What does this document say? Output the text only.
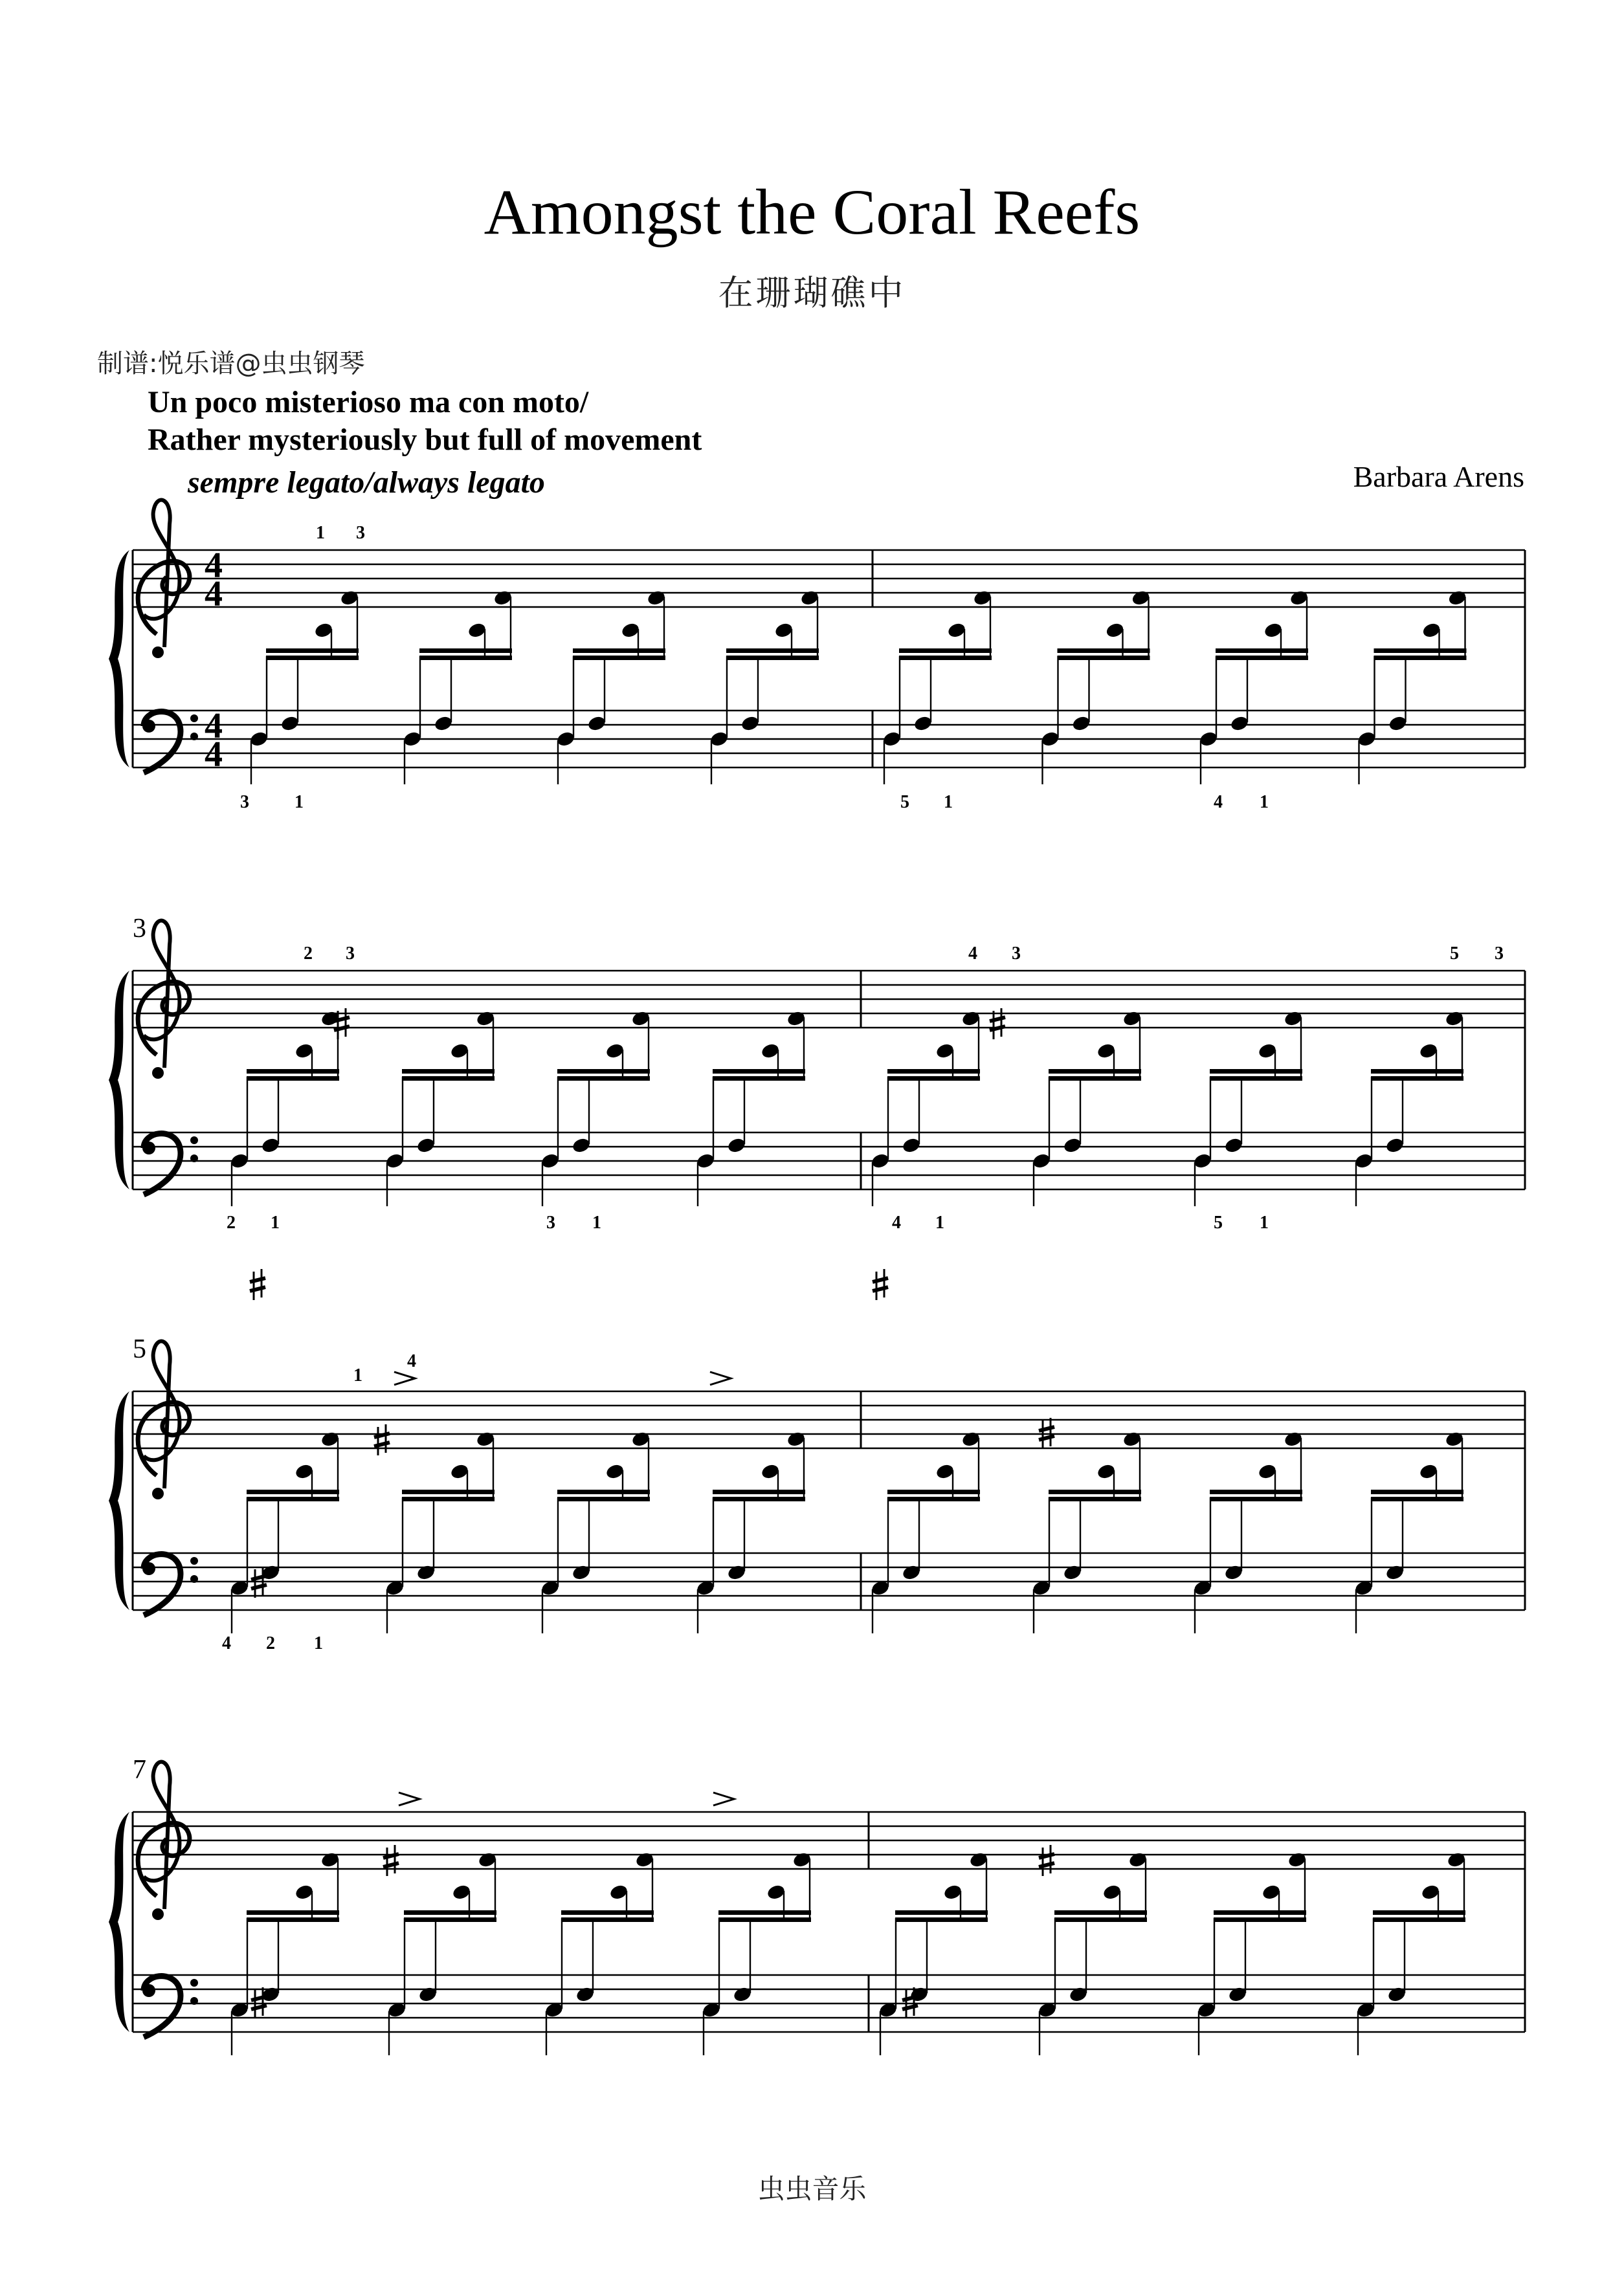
Amongst the Coral Reefs
在珊瑚礁中
制谱:悦乐谱@虫虫钢琴
Un poco misterioso ma con moto/
Rather mysteriously but full of movement
sempre legato/always legato	Barbara Arens
虫虫音乐
4
4
4
4
3
5
7
1 3
3	1	5 1	4 1
2 3
2 1	3 1
4 3	5 3
4 1	5 1
1
4
4 2 1
